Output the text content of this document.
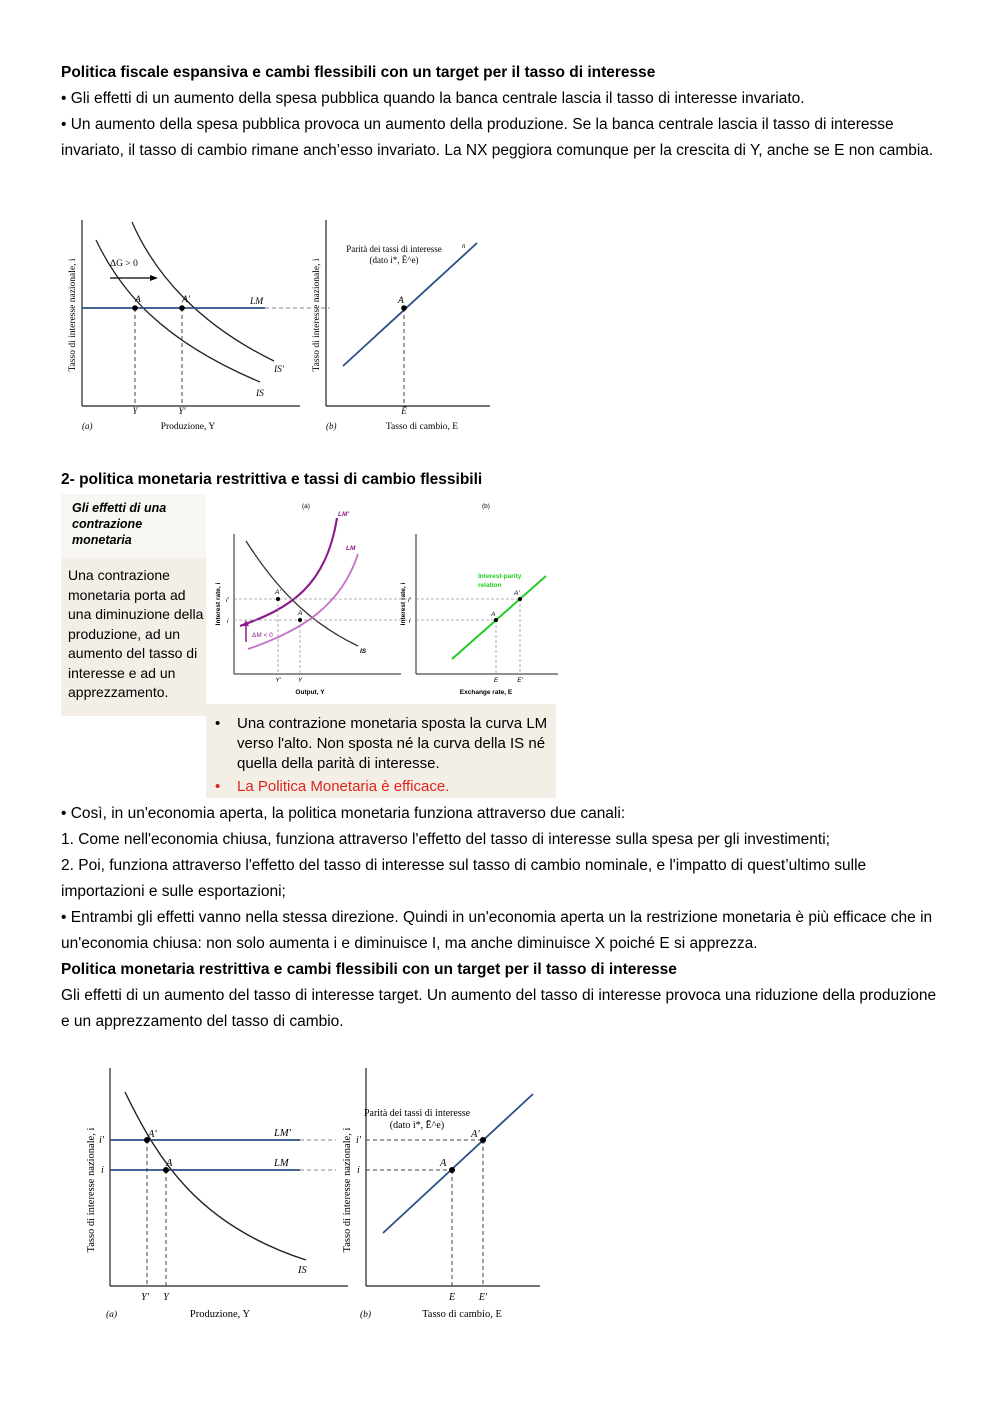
Politica fiscale espansiva e cambi flessibili con un target per il tasso di interesse

• Gli effetti di un aumento della spesa pubblica quando la banca centrale lascia il tasso di interesse invariato.

• Un aumento della spesa pubblica provoca un aumento della produzione. Se la banca centrale lascia il tasso di interesse invariato, il tasso di cambio rimane anch’esso invariato. La NX peggiora comunque per la crescita di Y, anche se E non cambia.

Tasso di interesse nazionale, i	A	A'	LM
IS
IS'
ΔG > 0
Y	Y'
(a)	Produzione, Y
Tasso di interesse nazionale, i
Parità dei tassi di interesse
(dato i*, Ē^e)
n
A
Ē
(b)	Tasso di cambio, E
2- politica monetaria restrittiva e tassi di cambio flessibili
Gli effetti di una contrazione monetaria
Una contrazione monetaria porta ad una diminuzione della produzione, ad un aumento del tasso di interesse e ad un apprezzamento.
• Una contrazione monetaria sposta la curva LM verso l'alto. Non sposta né la curva della IS né quella della parità di interesse.
• La Politica Monetaria è efficace.
(a)
Interest rate, i	A'
A
LM'
LM
IS
ΔM < 0
i'
i
Y'	Y
Output, Y
(b)
Interest rate, i
Interest-parity
relation
A
A'
i'
i
E	E'
Exchange rate, E

• Così, in un'economia aperta, la politica monetaria funziona attraverso due canali:

1. Come nell'economia chiusa, funziona attraverso l'effetto del tasso di interesse sulla spesa per gli investimenti;

2. Poi, funziona attraverso l'effetto del tasso di interesse sul tasso di cambio nominale, e l'impatto di quest’ultimo sulle importazioni e sulle esportazioni;

• Entrambi gli effetti vanno nella stessa direzione. Quindi in un'economia aperta un la restrizione monetaria è più efficace che in un'economia chiusa: non solo aumenta i e diminuisce I, ma anche diminuisce X poiché E si apprezza.

Politica monetaria restrittiva e cambi flessibili con un target per il tasso di interesse

Gli effetti di un aumento del tasso di interesse target. Un aumento del tasso di interesse provoca una riduzione della produzione e un apprezzamento del tasso di cambio.

Tasso di interesse nazionale, i	A'
A
LM'
LM
IS
i'
i
Y' Y
(a)	Produzione, Y
Tasso di interesse nazionale, i
Parità dei tassi di interesse
(dato i*, Ē^e)
A
A'
i'
i
E E'
(b)	Tasso di cambio, E
